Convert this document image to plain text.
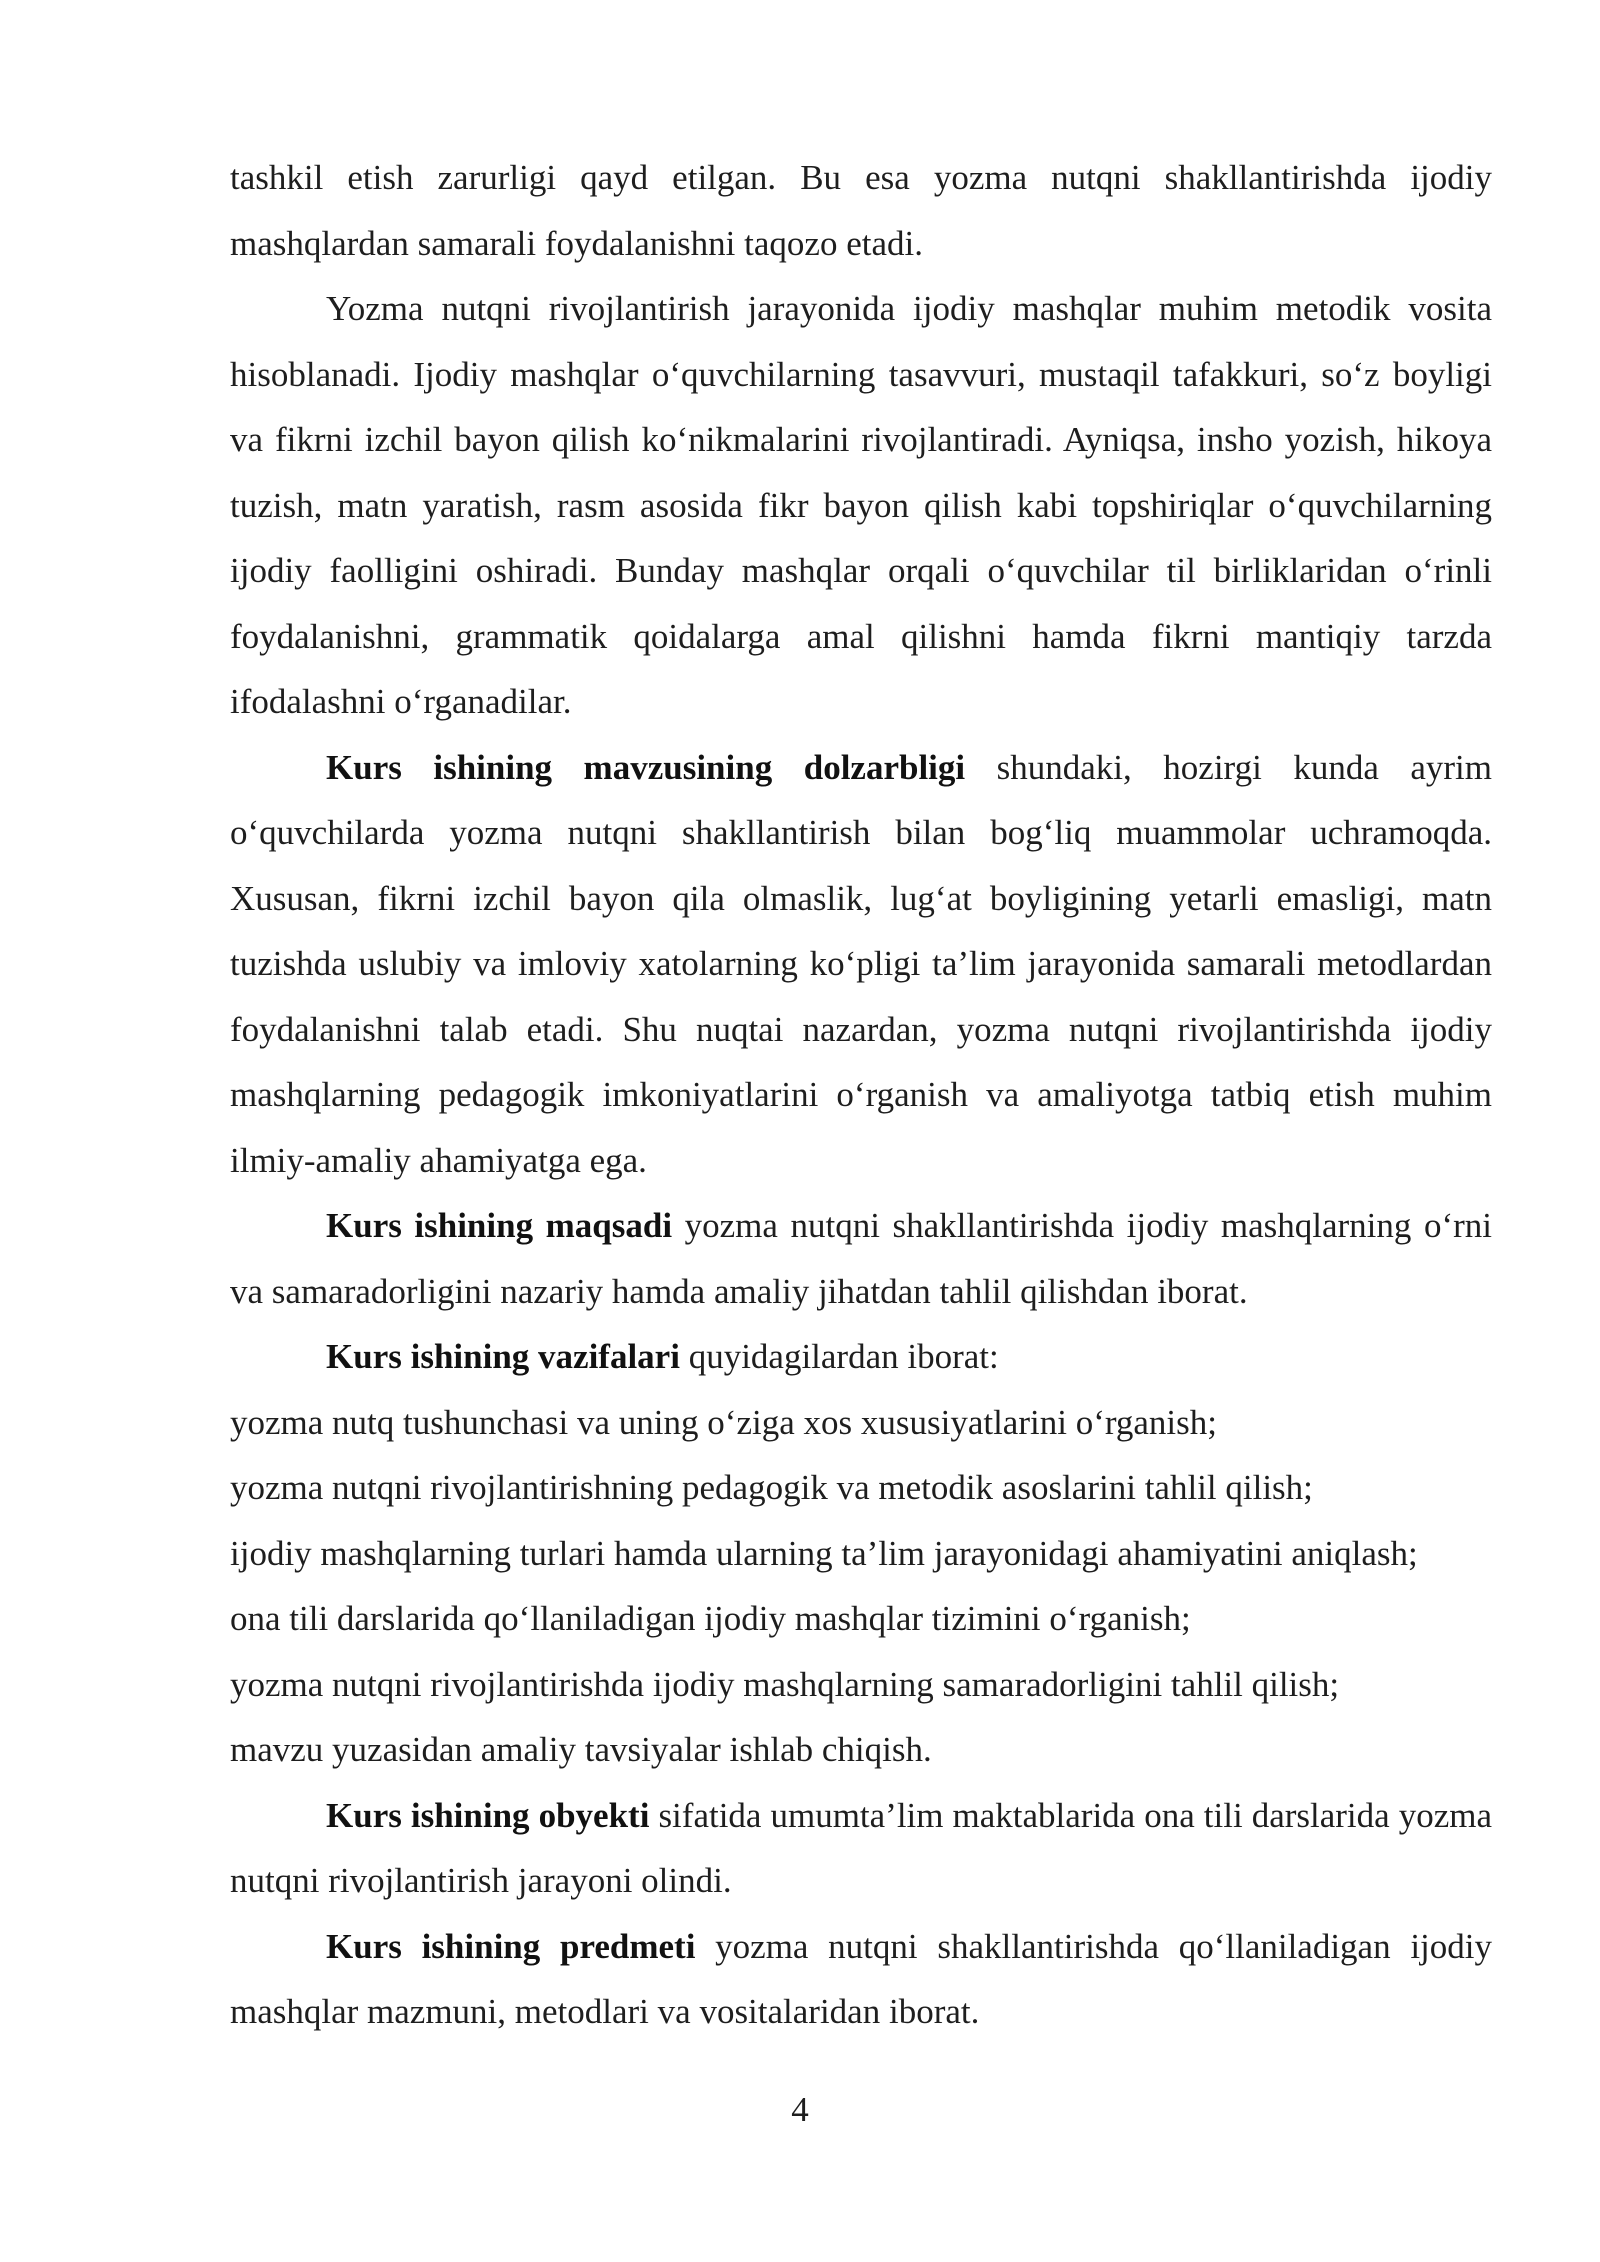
tashkil etish zarurligi qayd etilgan. Bu esa yozma nutqni shakllantirishda ijodiy mashqlardan samarali foydalanishni taqozo etadi.

Yozma nutqni rivojlantirish jarayonida ijodiy mashqlar muhim metodik vosita hisoblanadi. Ijodiy mashqlar o‘quvchilarning tasavvuri, mustaqil tafakkuri, so‘z boyligi va fikrni izchil bayon qilish ko‘nikmalarini rivojlantiradi. Ayniqsa, insho yozish, hikoya tuzish, matn yaratish, rasm asosida fikr bayon qilish kabi topshiriqlar o‘quvchilarning ijodiy faolligini oshiradi. Bunday mashqlar orqali o‘quvchilar til birliklaridan o‘rinli foydalanishni, grammatik qoidalarga amal qilishni hamda fikrni mantiqiy tarzda ifodalashni o‘rganadilar.

Kurs ishining mavzusining dolzarbligi shundaki, hozirgi kunda ayrim o‘quvchilarda yozma nutqni shakllantirish bilan bog‘liq muammolar uchramoqda. Xususan, fikrni izchil bayon qila olmaslik, lug‘at boyligining yetarli emasligi, matn tuzishda uslubiy va imloviy xatolarning ko‘pligi ta’lim jarayonida samarali metodlardan foydalanishni talab etadi. Shu nuqtai nazardan, yozma nutqni rivojlantirishda ijodiy mashqlarning pedagogik imkoniyatlarini o‘rganish va amaliyotga tatbiq etish muhim ilmiy-amaliy ahamiyatga ega.

Kurs ishining maqsadi yozma nutqni shakllantirishda ijodiy mashqlarning o‘rni va samaradorligini nazariy hamda amaliy jihatdan tahlil qilishdan iborat.

Kurs ishining vazifalari quyidagilardan iborat:

yozma nutq tushunchasi va uning o‘ziga xos xususiyatlarini o‘rganish;

yozma nutqni rivojlantirishning pedagogik va metodik asoslarini tahlil qilish;

ijodiy mashqlarning turlari hamda ularning ta’lim jarayonidagi ahamiyatini aniqlash;

ona tili darslarida qo‘llaniladigan ijodiy mashqlar tizimini o‘rganish;

yozma nutqni rivojlantirishda ijodiy mashqlarning samaradorligini tahlil qilish;

mavzu yuzasidan amaliy tavsiyalar ishlab chiqish.

Kurs ishining obyekti sifatida umumta’lim maktablarida ona tili darslarida yozma nutqni rivojlantirish jarayoni olindi.

Kurs ishining predmeti yozma nutqni shakllantirishda qo‘llaniladigan ijodiy mashqlar mazmuni, metodlari va vositalaridan iborat.

4
